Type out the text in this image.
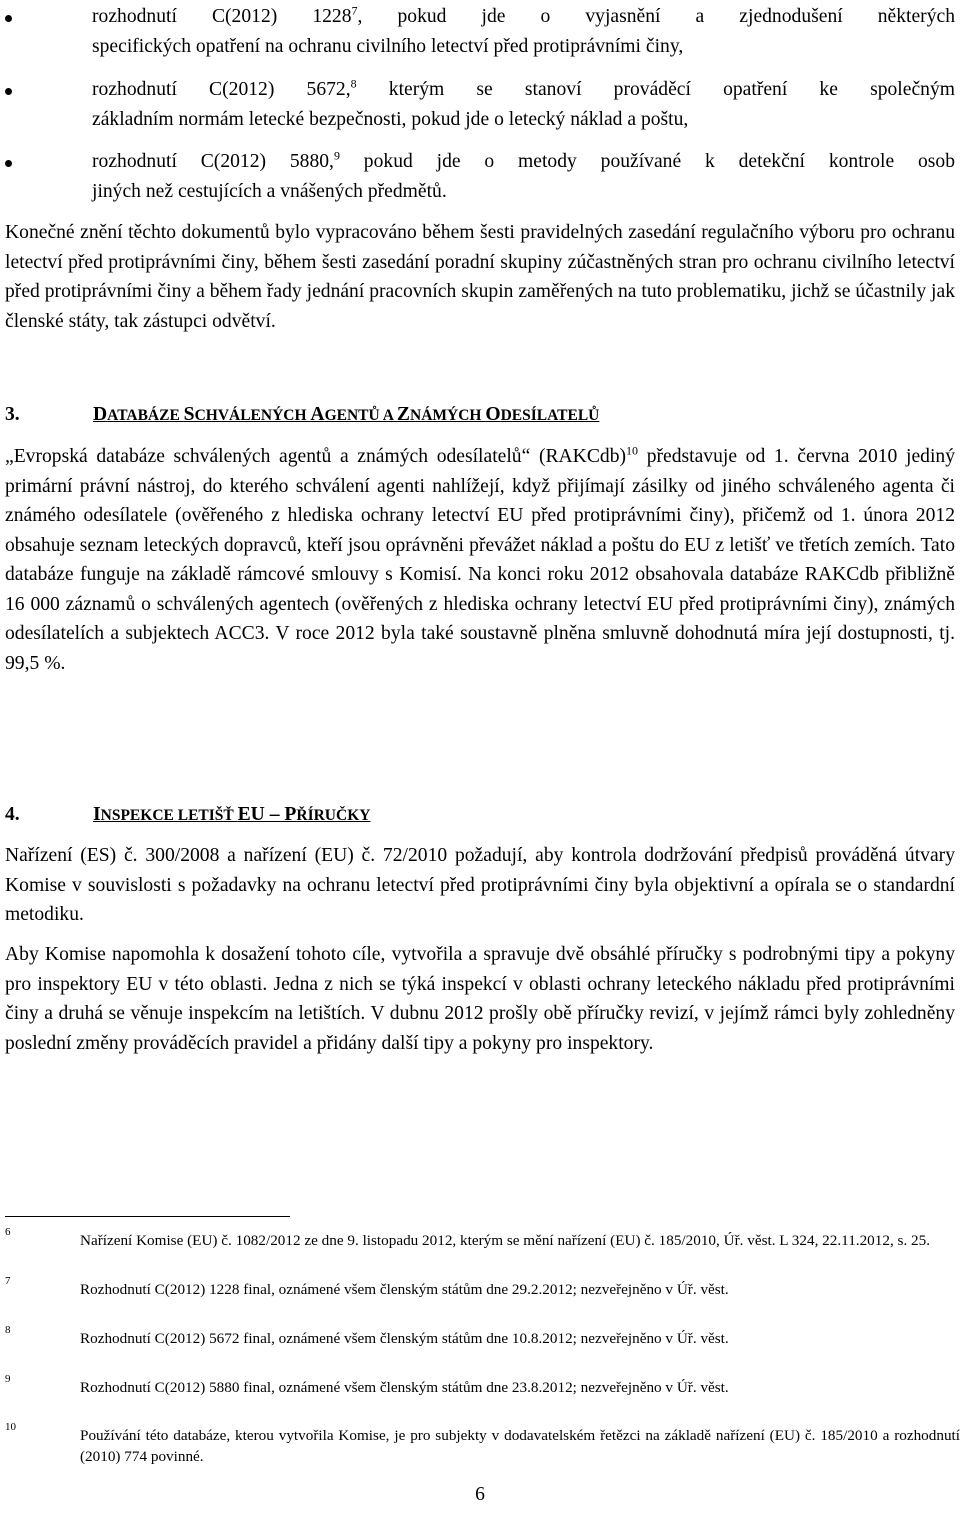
rozhodnutí C(2012) 1228$^7$, pokud jde o vyjasnění a zjednodušení některých
specifických opatření na ochranu civilního letectví před protiprávními činy,
rozhodnutí C(2012) 5672,$^8$ kterým se stanoví prováděcí opatření ke společným
základním normám letecké bezpečnosti, pokud jde o letecký náklad a poštu,
rozhodnutí C(2012) 5880,$^9$ pokud jde o metody používané k detekční kontrole osob
jiných než cestujících a vnášených předmětů.
Konečné znění těchto dokumentů bylo vypracováno během šesti pravidelných zasedání regulačního výboru pro ochranu letectví před protiprávními činy, během šesti zasedání poradní skupiny zúčastněných stran pro ochranu civilního letectví před protiprávními činy a během řady jednání pracovních skupin zaměřených na tuto problematiku, jichž se účastnily jak členské státy, tak zástupci odvětví.
3.	DATABÁZE SCHVÁLENÝCH AGENTŮ A ZNÁMÝCH ODESÍLATELŮ
„Evropská databáze schválených agentů a známých odesílatelů“ (RAKCdb)$^{10}$ představuje od 1. června 2010 jediný primární právní nástroj, do kterého schválení agenti nahlížejí, když přijímají zásilky od jiného schváleného agenta či známého odesílatele (ověřeného z hlediska ochrany letectví EU před protiprávními činy), přičemž od 1. února 2012 obsahuje seznam leteckých dopravců, kteří jsou oprávněni převážet náklad a poštu do EU z letišť ve třetích zemích. Tato databáze funguje na základě rámcové smlouvy s Komisí. Na konci roku 2012 obsahovala databáze RAKCdb přibližně 16 000 záznamů o schválených agentech (ověřených z hlediska ochrany letectví EU před protiprávními činy), známých odesílatelích a subjektech ACC3. V roce 2012 byla také soustavně plněna smluvně dohodnutá míra její dostupnosti, tj. 99,5 %.
4.	INSPEKCE LETIŠŤ EU – PŘÍRUČKY
Nařízení (ES) č. 300/2008 a nařízení (EU) č. 72/2010 požadují, aby kontrola dodržování předpisů prováděná útvary Komise v souvislosti s požadavky na ochranu letectví před protiprávními činy byla objektivní a opírala se o standardní metodiku.
Aby Komise napomohla k dosažení tohoto cíle, vytvořila a spravuje dvě obsáhlé příručky s podrobnými tipy a pokyny pro inspektory EU v této oblasti. Jedna z nich se týká inspekcí v oblasti ochrany leteckého nákladu před protiprávními činy a druhá se věnuje inspekcím na letištích. V dubnu 2012 prošly obě příručky revizí, v jejímž rámci byly zohledněny poslední změny prováděcích pravidel a přidány další tipy a pokyny pro inspektory.
6	Nařízení Komise (EU) č. 1082/2012 ze dne 9. listopadu 2012, kterým se mění nařízení (EU) č. 185/2010, Úř. věst. L 324, 22.11.2012, s. 25.
7	Rozhodnutí C(2012) 1228 final, oznámené všem členským státům dne 29.2.2012; nezveřejněno v Úř. věst.
8	Rozhodnutí C(2012) 5672 final, oznámené všem členským státům dne 10.8.2012; nezveřejněno v Úř. věst.
9	Rozhodnutí C(2012) 5880 final, oznámené všem členským státům dne 23.8.2012; nezveřejněno v Úř. věst.
10	Používání této databáze, kterou vytvořila Komise, je pro subjekty v dodavatelském řetězci na základě nařízení (EU) č. 185/2010 a rozhodnutí (2010) 774 povinné.
6
